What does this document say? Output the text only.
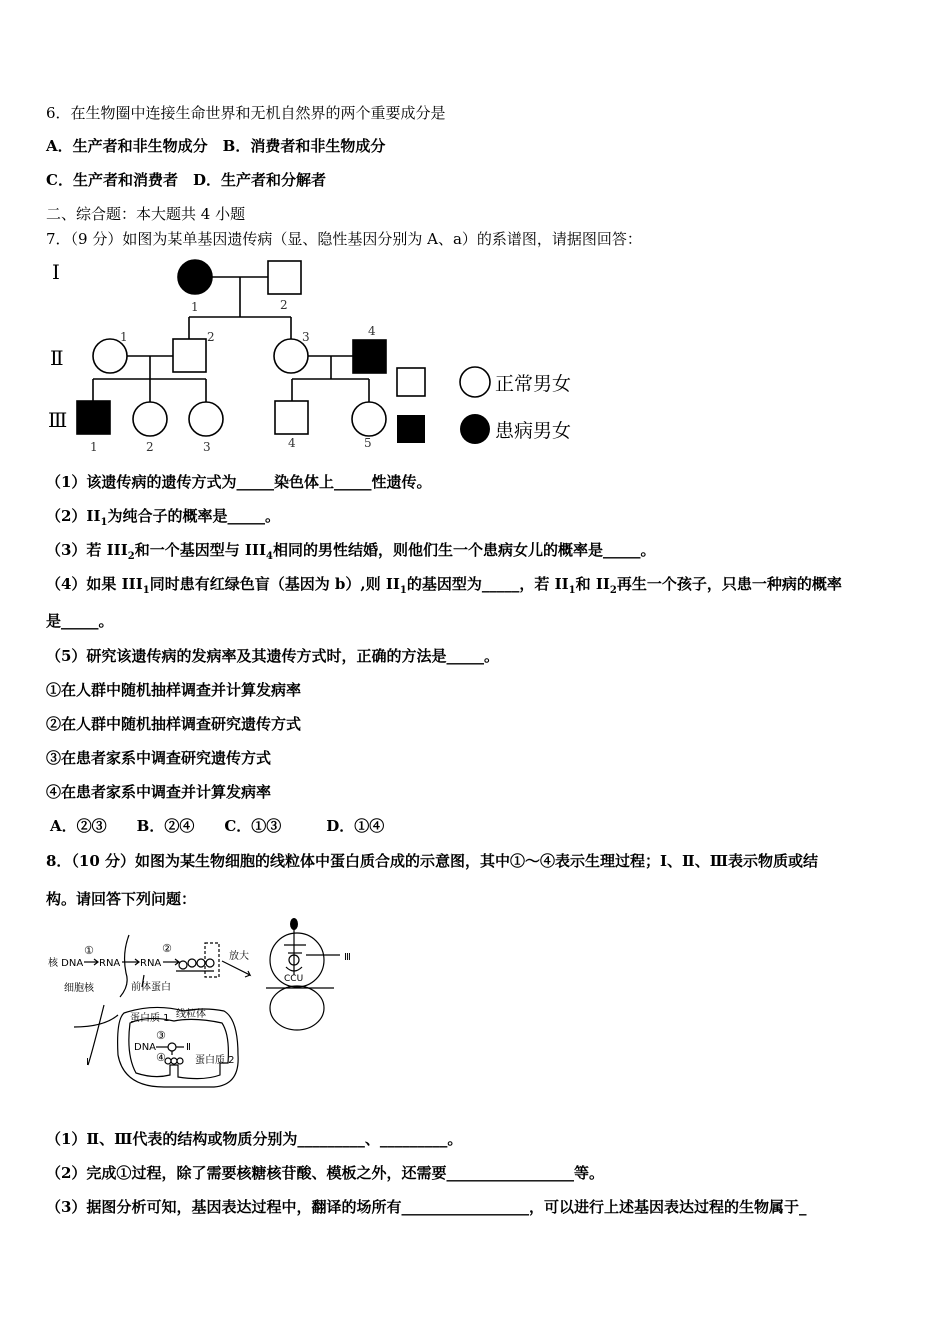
6．在生物圈中连接生命世界和无机自然界的两个重要成分是
A．生产者和非生物成分　B．消费者和非生物成分
C．生产者和消费者　D．生产者和分解者
二、综合题：本大题共 4 小题
7．（9 分）如图为某单基因遗传病（显、隐性基因分别为 A、a）的系谱图，请据图回答：
Ⅰ
Ⅱ
Ⅲ
1	2
1	2	3	4
1	2	3	4	5
正常男女
患病男女
（1）该遗传病的遗传方式为_____染色体上_____性遗传。
$(2)II_1$为纯合子的概率是_____。
（3）若 $III_2$和一个基因型与 $III_4$相同的男性结婚，则他们生一个患病女儿的概率是_____。
（4）如果 $III_1$同时患有红绿色盲（基因为 b）,则 $II_1$的基因型为_____，若 $II_1$和 $II_2$再生一个孩子，只患一种病的概率
是_____。
（5）研究该遗传病的发病率及其遗传方式时，正确的方法是_____。
①在人群中随机抽样调查并计算发病率
②在人群中随机抽样调查研究遗传方式
③在患者家系中调查研究遗传方式
④在患者家系中调查并计算发病率
A．②③　　B．②④　　C．①③　　　D．①④
8．（10 分）如图为某生物细胞的线粒体中蛋白质合成的示意图，其中①～④表示生理过程；Ⅰ、Ⅱ、Ⅲ表示物质或结
构。请回答下列问题：
核 DNA RNA RNA
①	②
细胞核	前体蛋白
蛋白质 1 线粒体
DNA
③
④
Ⅱ
蛋白质 2
Ⅰ
放大	Ⅲ
CCU
（1）Ⅱ、Ⅲ代表的结构或物质分别为_________、_________。
（2）完成①过程，除了需要核糖核苷酸、模板之外，还需要_________________等。
（3）据图分析可知，基因表达过程中，翻译的场所有_________________，可以进行上述基因表达过程的生物属于_
